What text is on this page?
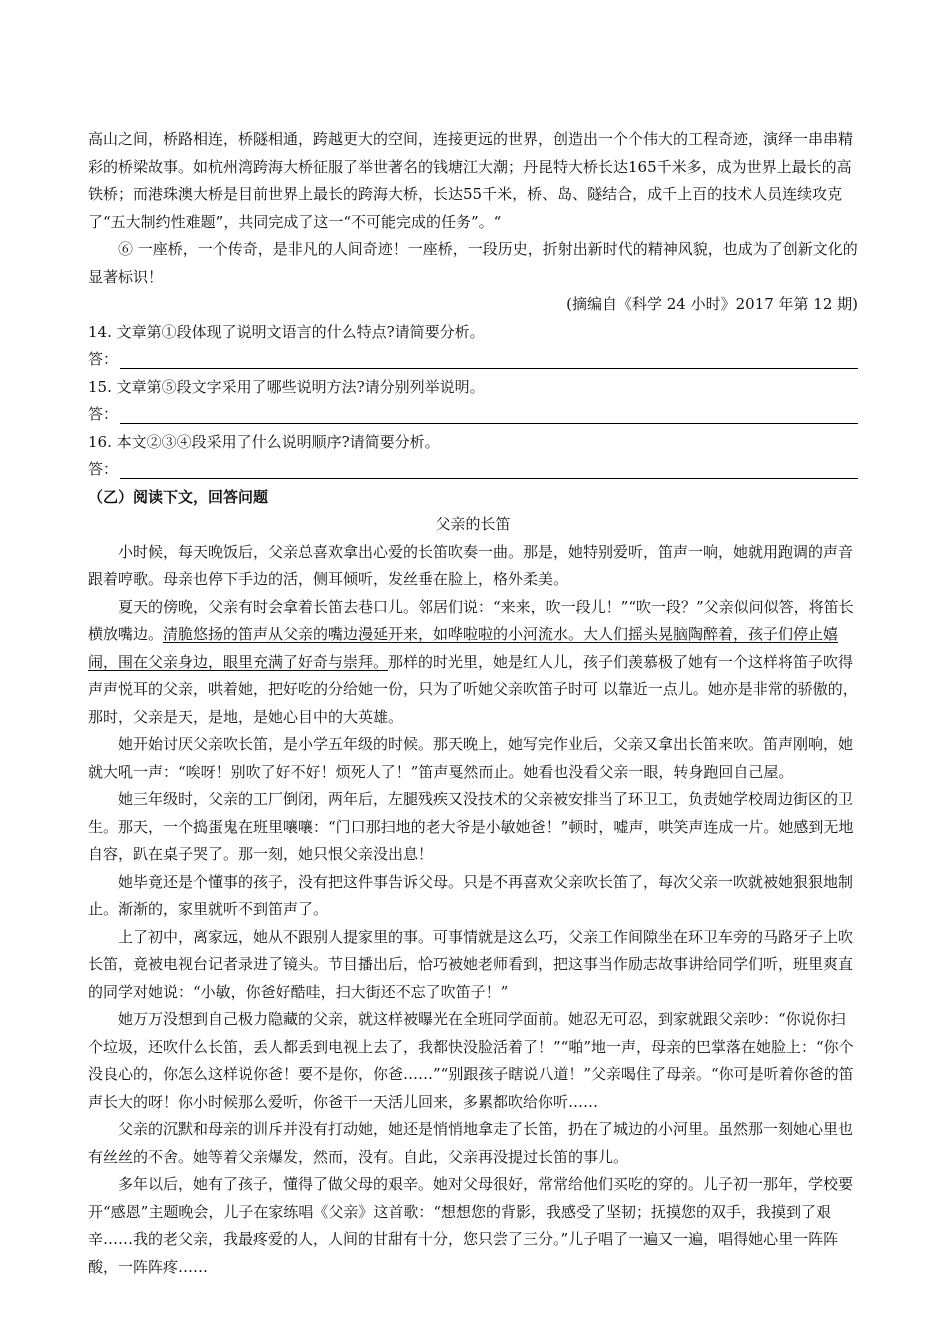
高山之间，桥路相连，桥隧相通，跨越更大的空间，连接更远的世界，创造出一个个伟大的工程奇迹，演绎一串串精彩的桥梁故事。如杭州湾跨海大桥征服了举世著名的钱塘江大潮；丹昆特大桥长达165千米多，成为世界上最长的高铁桥；而港珠澳大桥是目前世界上最长的跨海大桥，长达55千米，桥、岛、隧结合，成千上百的技术人员连续攻克了“五大制约性难题”，共同完成了这一“不可能完成的任务”。“

⑥ 一座桥，一个传奇，是非凡的人间奇迹！一座桥，一段历史，折射出新时代的精神风貌，也成为了创新文化的显著标识！

(摘编自《科学 24 小时》2017 年第 12 期)

14. 文章第①段体现了说明文语言的什么特点?请简要分析。

答：

15. 文章第⑤段文字采用了哪些说明方法?请分别列举说明。

答：

16. 本文②③④段采用了什么说明顺序?请简要分析。

答：

（乙）阅读下文，回答问题

父亲的长笛

小时候，每天晚饭后，父亲总喜欢拿出心爱的长笛吹奏一曲。那是，她特别爱听，笛声一响，她就用跑调的声音跟着哼歌。母亲也停下手边的活，侧耳倾听，发丝垂在脸上，格外柔美。

夏天的傍晚，父亲有时会拿着长笛去巷口儿。邻居们说：“来来，吹一段儿！”“吹一段？”父亲似问似答，将笛长横放嘴边。清脆悠扬的笛声从父亲的嘴边漫延开来，如哗啦啦的小河流水。大人们摇头晃脑陶醉着，孩子们停止嬉闹，围在父亲身边，眼里充满了好奇与崇拜。那样的时光里，她是红人儿，孩子们羡慕极了她有一个这样将笛子吹得声声悦耳的父亲，哄着她，把好吃的分给她一份，只为了听她父亲吹笛子时可 以靠近一点儿。她亦是非常的骄傲的，那时，父亲是天，是地，是她心目中的大英雄。

她开始讨厌父亲吹长笛，是小学五年级的时候。那天晚上，她写完作业后，父亲又拿出长笛来吹。笛声刚响，她就大吼一声：“唉呀！别吹了好不好！烦死人了！”笛声戛然而止。她看也没看父亲一眼，转身跑回自己屋。

她三年级时，父亲的工厂倒闭，两年后，左腿残疾又没技术的父亲被安排当了环卫工，负责她学校周边街区的卫生。那天，一个捣蛋鬼在班里嚷嚷：“门口那扫地的老大爷是小敏她爸！”顿时，嘘声，哄笑声连成一片。她感到无地自容，趴在桌子哭了。那一刻，她只恨父亲没出息！

她毕竟还是个懂事的孩子，没有把这件事告诉父母。只是不再喜欢父亲吹长笛了，每次父亲一吹就被她狠狠地制止。渐渐的，家里就听不到笛声了。

上了初中，离家远，她从不跟别人提家里的事。可事情就是这么巧，父亲工作间隙坐在环卫车旁的马路牙子上吹长笛，竟被电视台记者录进了镜头。节目播出后，恰巧被她老师看到，把这事当作励志故事讲给同学们听，班里爽直的同学对她说：“小敏，你爸好酷哇，扫大街还不忘了吹笛子！”

她万万没想到自己极力隐藏的父亲，就这样被曝光在全班同学面前。她忍无可忍，到家就跟父亲吵：“你说你扫个垃圾，还吹什么长笛，丢人都丢到电视上去了，我都快没脸活着了！”“啪”地一声，母亲的巴掌落在她脸上：“你个没良心的，你怎么这样说你爸！要不是你，你爸……”“别跟孩子瞎说八道！”父亲喝住了母亲。“你可是听着你爸的笛声长大的呀！你小时候那么爱听，你爸干一天活儿回来，多累都吹给你听……

父亲的沉默和母亲的训斥并没有打动她，她还是悄悄地拿走了长笛，扔在了城边的小河里。虽然那一刻她心里也有丝丝的不舍。她等着父亲爆发，然而，没有。自此，父亲再没提过长笛的事儿。

多年以后，她有了孩子，懂得了做父母的艰辛。她对父母很好，常常给他们买吃的穿的。儿子初一那年，学校要开“感恩”主题晚会，儿子在家练唱《父亲》这首歌：“想想您的背影，我感受了坚韧；抚摸您的双手，我摸到了艰辛……我的老父亲，我最疼爱的人，人间的甘甜有十分，您只尝了三分。”儿子唱了一遍又一遍，唱得她心里一阵阵酸，一阵阵疼……
